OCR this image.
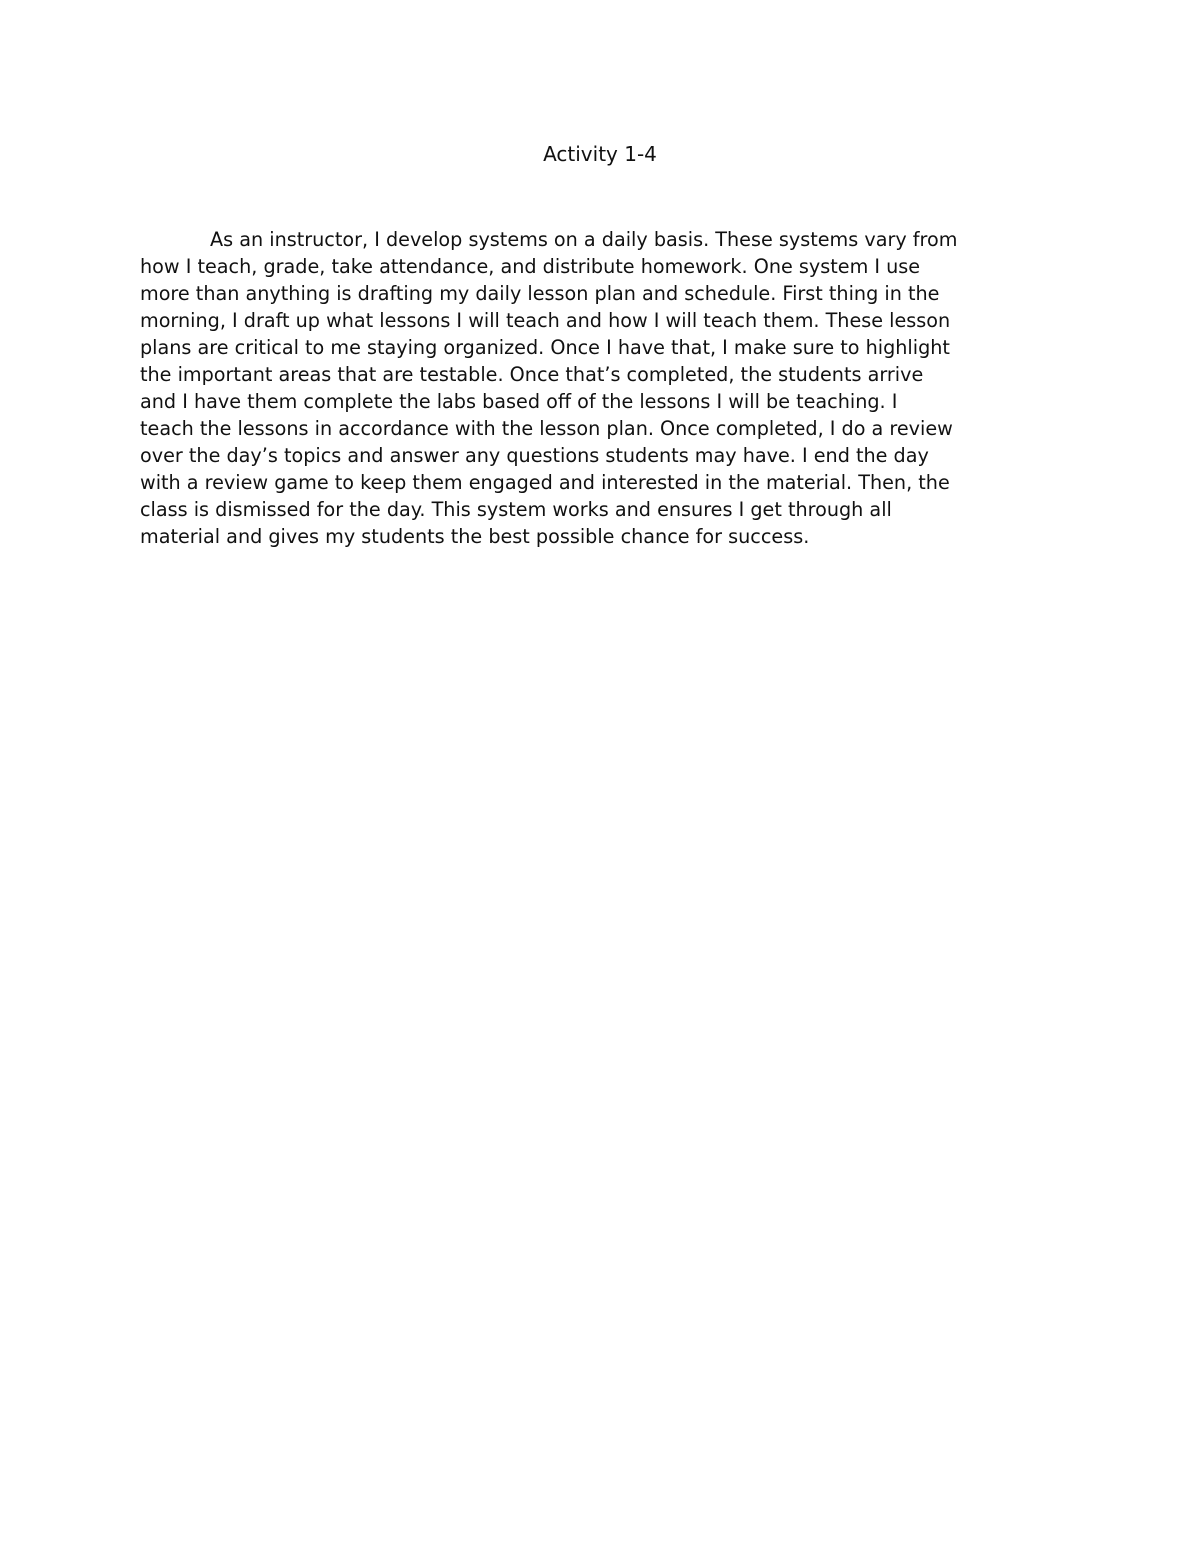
Activity 1-4

As an instructor, I develop systems on a daily basis. These systems vary from
how I teach, grade, take attendance, and distribute homework. One system I use
more than anything is drafting my daily lesson plan and schedule. First thing in the
morning, I draft up what lessons I will teach and how I will teach them. These lesson
plans are critical to me staying organized. Once I have that, I make sure to highlight
the important areas that are testable. Once that’s completed, the students arrive
and I have them complete the labs based off of the lessons I will be teaching. I
teach the lessons in accordance with the lesson plan. Once completed, I do a review
over the day’s topics and answer any questions students may have. I end the day
with a review game to keep them engaged and interested in the material. Then, the
class is dismissed for the day. This system works and ensures I get through all
material and gives my students the best possible chance for success.
